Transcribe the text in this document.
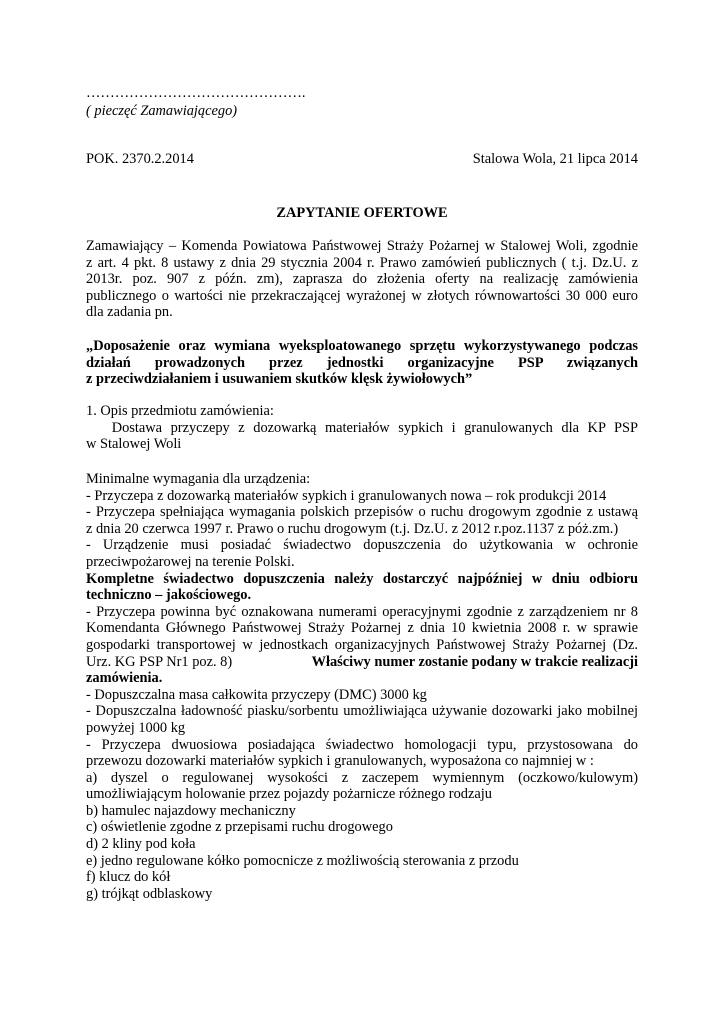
……………………………………….
( pieczęć Zamawiającego)
POK. 2370.2.2014	Stalowa Wola, 21 lipca 2014
ZAPYTANIE OFERTOWE
Zamawiający – Komenda Powiatowa Państwowej Straży Pożarnej w Stalowej Woli, zgodnie
z art. 4 pkt. 8 ustawy z dnia 29 stycznia 2004 r. Prawo zamówień publicznych ( t.j. Dz.U. z
2013r. poz. 907 z późn. zm), zaprasza do złożenia oferty na realizację zamówienia
publicznego o wartości nie przekraczającej wyrażonej w złotych równowartości 30 000 euro
dla zadania pn.
„Doposażenie oraz wymiana wyeksploatowanego sprzętu wykorzystywanego podczas
działań prowadzonych przez jednostki organizacyjne PSP związanych
z przeciwdziałaniem i usuwaniem skutków klęsk żywiołowych”
1. Opis przedmiotu zamówienia:
Dostawa przyczepy z dozowarką materiałów sypkich i granulowanych dla KP PSP
w Stalowej Woli
Minimalne wymagania dla urządzenia:
- Przyczepa z dozowarką materiałów sypkich i granulowanych nowa – rok produkcji 2014
- Przyczepa spełniająca wymagania polskich przepisów o ruchu drogowym zgodnie z ustawą
z dnia 20 czerwca 1997 r. Prawo o ruchu drogowym (t.j. Dz.U. z 2012 r.poz.1137 z póż.zm.)
- Urządzenie musi posiadać świadectwo dopuszczenia do użytkowania w ochronie
przeciwpożarowej na terenie Polski.
Kompletne świadectwo dopuszczenia należy dostarczyć najpóźniej w dniu odbioru
techniczno – jakościowego.
- Przyczepa powinna być oznakowana numerami operacyjnymi zgodnie z zarządzeniem nr 8
Komendanta Głównego Państwowej Straży Pożarnej z dnia 10 kwietnia 2008 r. w sprawie
gospodarki transportowej w jednostkach organizacyjnych Państwowej Straży Pożarnej (Dz.
Urz. KG PSP Nr1 poz. 8)	Właściwy numer zostanie podany w trakcie realizacji
zamówienia.
- Dopuszczalna masa całkowita przyczepy (DMC) 3000 kg
- Dopuszczalna ładowność piasku/sorbentu umożliwiająca używanie dozowarki jako mobilnej
powyżej 1000 kg
- Przyczepa dwuosiowa posiadająca świadectwo homologacji typu, przystosowana do
przewozu dozowarki materiałów sypkich i granulowanych, wyposażona co najmniej w :
a) dyszel o regulowanej wysokości z zaczepem wymiennym (oczkowo/kulowym)
umożliwiającym holowanie przez pojazdy pożarnicze różnego rodzaju
b) hamulec najazdowy mechaniczny
c) oświetlenie zgodne z przepisami ruchu drogowego
d) 2 kliny pod koła
e) jedno regulowane kółko pomocnicze z możliwością sterowania z przodu
f) klucz do kół
g) trójkąt odblaskowy
